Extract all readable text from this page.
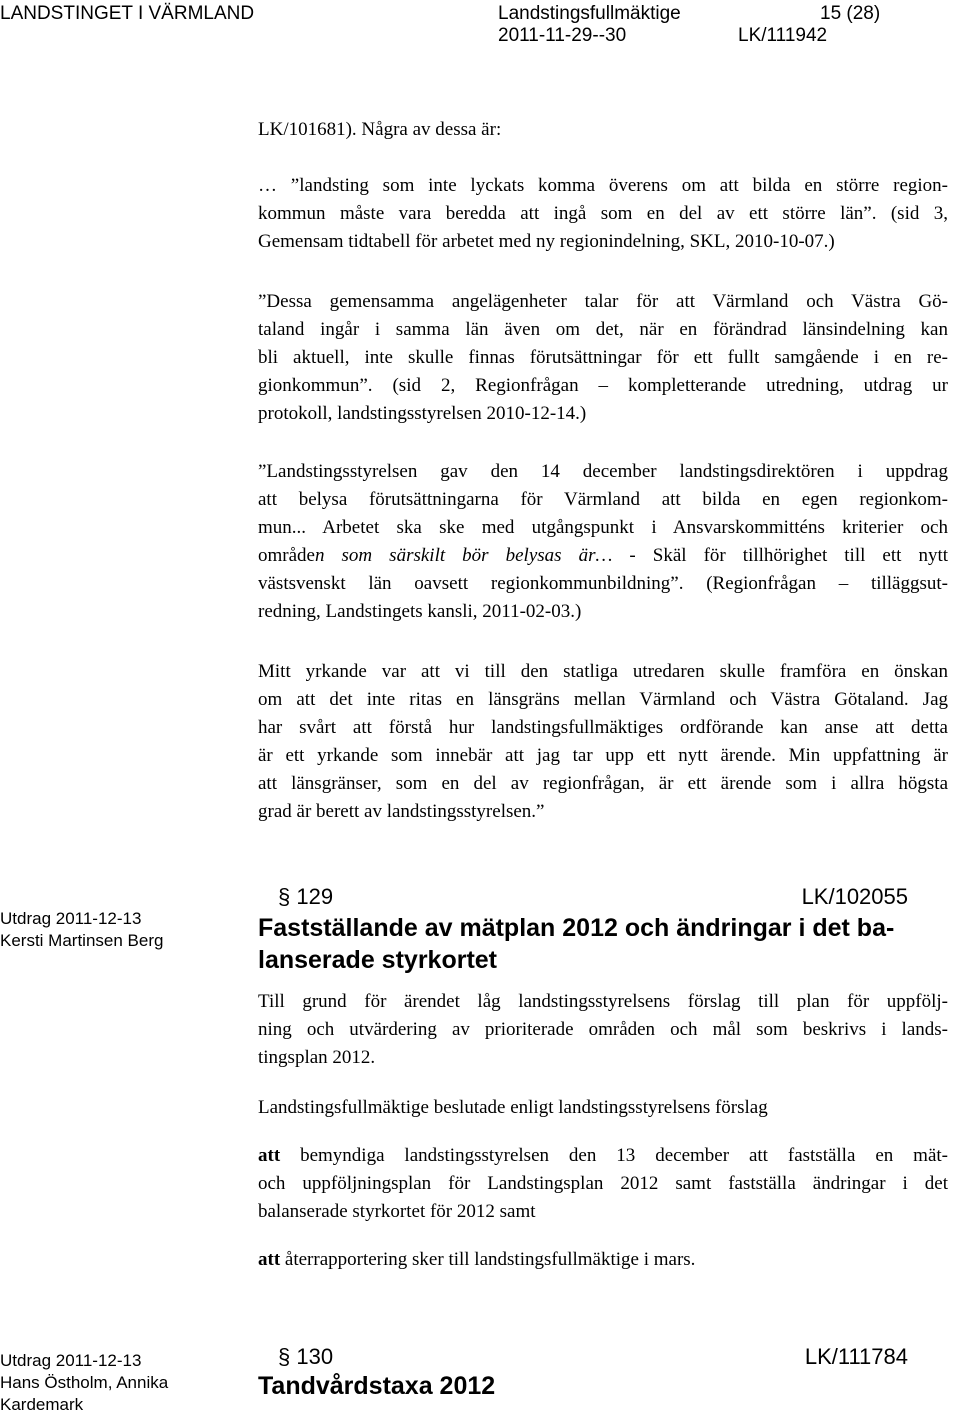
LANDSTINGET I VÄRMLAND	Landstingsfullmäktige	15 (28)
2011-11-29--30	LK/111942
LK/101681). Några av dessa är:
… ”landsting som inte lyckats komma överens om att bilda en större region-
kommun måste vara beredda att ingå som en del av ett större län”. (sid 3,
Gemensam tidtabell för arbetet med ny regionindelning, SKL, 2010-10-07.)
”Dessa gemensamma angelägenheter talar för att Värmland och Västra Gö-
taland ingår i samma län även om det, när en förändrad länsindelning kan
bli aktuell, inte skulle finnas förutsättningar för ett fullt samgående i en re-
gionkommun”. (sid 2, Regionfrågan – kompletterande utredning, utdrag ur
protokoll, landstingsstyrelsen 2010-12-14.)
”Landstingsstyrelsen gav den 14 december landstingsdirektören i uppdrag
att belysa förutsättningarna för Värmland att bilda en egen regionkom-
mun... Arbetet ska ske med utgångspunkt i Ansvarskommitténs kriterier och
områden som särskilt bör belysas är… - Skäl för tillhörighet till ett nytt
västsvenskt län oavsett regionkommunbildning”. (Regionfrågan – tilläggsut-
redning, Landstingets kansli, 2011-02-03.)
Mitt yrkande var att vi till den statliga utredaren skulle framföra en önskan
om att det inte ritas en länsgräns mellan Värmland och Västra Götaland. Jag
har svårt att förstå hur landstingsfullmäktiges ordförande kan anse att detta
är ett yrkande som innebär att jag tar upp ett nytt ärende. Min uppfattning är
att länsgränser, som en del av regionfrågan, är ett ärende som i allra högsta
grad är berett av landstingsstyrelsen.”
Utdrag 2011-12-13
Kersti Martinsen Berg
§ 129	LK/102055
Fastställande av mätplan 2012 och ändringar i det ba-
lanserade styrkortet
Till grund för ärendet låg landstingsstyrelsens förslag till plan för uppfölj-
ning och utvärdering av prioriterade områden och mål som beskrivs i lands-
tingsplan 2012.
Landstingsfullmäktige beslutade enligt landstingsstyrelsens förslag
att bemyndiga landstingsstyrelsen den 13 december att fastställa en mät-
och uppföljningsplan för Landstingsplan 2012 samt fastställa ändringar i det
balanserade styrkortet för 2012 samt
att återrapportering sker till landstingsfullmäktige i mars.
Utdrag 2011-12-13
Hans Östholm, Annika
Kardemark
§ 130	LK/111784
Tandvårdstaxa 2012
